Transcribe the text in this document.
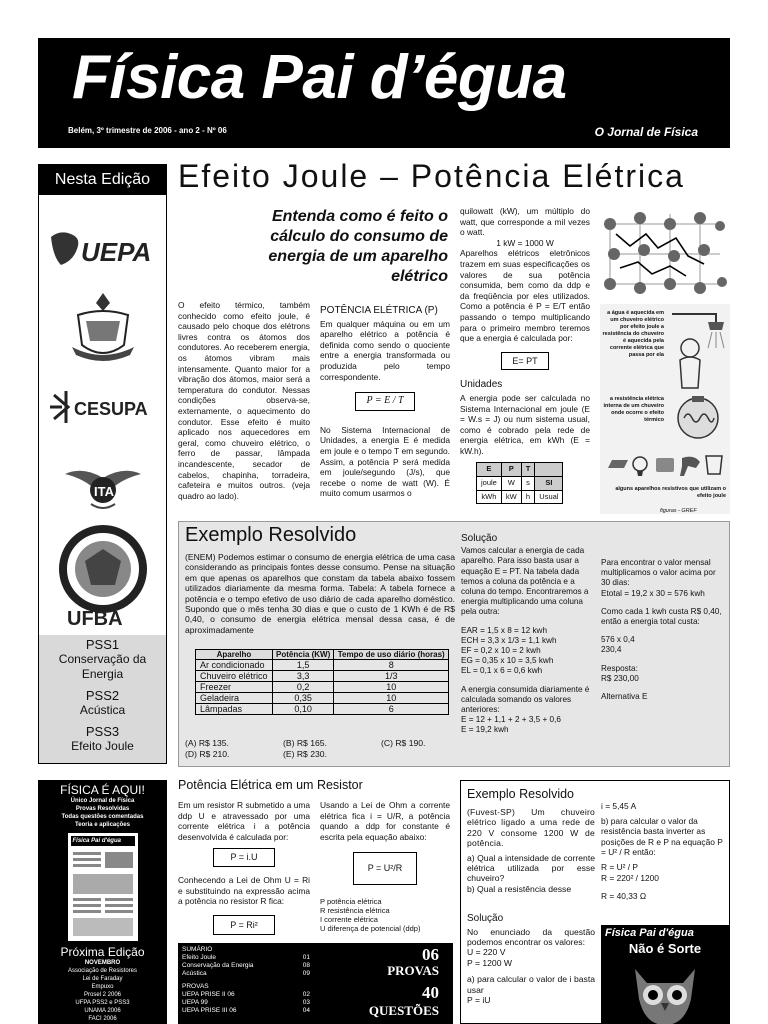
Física Pai d’égua
Belém, 3º trimestre de 2006 - ano 2 - Nº 06	O Jornal de Física
Nesta Edição
UEPA
CESUPA
ITA
UFBA
PSS1
Conservação da Energia
PSS2
Acústica
PSS3
Efeito Joule
FÍSICA É AQUI!
Único Jornal de Física
Provas Resolvidas
Todas questões comentadas
Teoria e aplicações
Física Pai d'égua
Próxima Edição
NOVEMBRO
Associação de Resistores
Lei de Faraday
Empuxo
Prosel 2 2006
UFPA PSS2 e PSS3
UNAMA 2006
FACI 2006
Efeito Joule – Potência Elétrica
Entenda como é feito o cálculo do consumo de energia de um aparelho elétrico

O efeito térmico, também conhecido como efeito joule, é causado pelo choque dos elétrons livres contra os átomos dos condutores. Ao receberem energia, os átomos vibram mais intensamente. Quanto maior for a vibração dos átomos, maior será a temperatura do condutor. Nessas condições observa-se, externamente, o aquecimento do condutor. Esse efeito é muito aplicado nos aquecedores em geral, como chuveiro elétrico, o ferro de passar, lâmpada incandescente, secador de cabelos, chapinha, torradeira, cafeteira e muitos outros. (veja quadro ao lado).

POTÊNCIA ELÉTRICA (P)

Em qualquer máquina ou em um aparelho elétrico a potência é definida como sendo o quociente entre a energia transformada ou produzida pelo tempo correspondente.

P = E / T

No Sistema Internacional de Unidades, a energia E é medida em joule e o tempo T em segundo. Assim, a potência P será medida em joule/segundo (J/s), que recebe o nome de watt (W). É muito comum usarmos o

quilowatt (kW), um múltiplo do watt, que corresponde a mil vezes o watt.

1 kW = 1000 W

Aparelhos elétricos eletrônicos trazem em suas especificações os valores de sua potência consumida, bem como da ddp e da freqüência por eles utilizados. Como a potência é P = E/T então passando o tempo multiplicando para o primeiro membro teremos que a energia é calculada por:

E= PT
Unidades

A energia pode ser calculada no Sistema Internacional em joule (E = W.s = J) ou num sistema usual, como é cobrado pela rede de energia elétrica, em kWh (E = kW.h).

E	P	T	
joule	W	s	SI
kWh	kW	h	Usual
a água é aquecida em um chuveiro elétrico por efeito joule a resistência do chuveiro é aquecida pela corrente elétrica que passa por ela
a resistência elétrica interna de um chuveiro onde ocorre o efeito térmico
alguns aparelhos resistivos que utilizam o efeito joule
figuras - GREF
Exemplo Resolvido
(ENEM) Podemos estimar o consumo de energia elétrica de uma casa considerando as principais fontes desse consumo. Pense na situação em que apenas os aparelhos que constam da tabela abaixo fossem utilizados diariamente da mesma forma. Tabela: A tabela fornece a potência e o tempo efetivo de uso diário de cada aparelho doméstico. Supondo que o mês tenha 30 dias e que o custo de 1 KWh é de R$ 0,40, o consumo de energia elétrica mensal dessa casa, é de aproximadamente
Aparelho	Potência (KW)	Tempo de uso diário (horas)
Ar condicionado	1,5	8
Chuveiro elétrico	3,3	1/3
Freezer	0,2	10
Geladeira	0,35	10
Lâmpadas	0,10	6
(A) R$ 135.	(B) R$ 165.	(C) R$ 190.
(D) R$ 210.	(E) R$ 230.
Solução

Vamos calcular a energia de cada aparelho. Para isso basta usar a equação E = PT. Na tabela dada temos a coluna da potência e a coluna do tempo. Encontraremos a energia multiplicando uma coluna pela outra:

EAR = 1,5 x 8 = 12 kwh
ECH = 3,3 x 1/3 = 1,1 kwh
EF = 0,2 x 10 = 2 kwh
EG = 0,35 x 10 = 3,5 kwh
EL = 0,1 x 6 = 0,6 kwh

A energia consumida diariamente é calculada somando os valores anteriores:

E = 12 + 1,1 + 2 + 3,5 + 0,6
E = 19,2 kwh

Para encontrar o valor mensal multiplicamos o valor acima por 30 dias:

Etotal = 19,2 x 30 = 576 kwh

Como cada 1 kwh custa R$ 0,40, então a energia total custa:

576 x 0,4

230,4

Resposta:

R$ 230,00

Alternativa E

Potência Elétrica em um Resistor

Em um resistor R submetido a uma ddp U e atravessado por uma corrente elétrica i a potência desenvolvida é calculada por:

P = i.U

Conhecendo a Lei de Ohm U = Ri e substituindo na expressão acima a potência no resistor R fica:

P = Ri²

Usando a Lei de Ohm a corrente elétrica fica i = U/R, a potência quando a ddp for constante é escrita pela equação abaixo:

P = U²/R
P potência elétrica
R resistência elétrica
I corrente elétrica
U diferença de potencial (ddp)
SUMÁRIO
Efeito Joule	01
Conservação da Energia	08
Acústica	09
PROVAS
UEPA PRISE II 06	02
UEPA 99	03
UEPA PRISE III 06	04
06
PROVAS
40
QUESTÕES
Exemplo Resolvido

(Fuvest-SP) Um chuveiro elétrico ligado a uma rede de 220 V consome 1200 W de potência.

a) Qual a intensidade de corrente elétrica utilizada por esse chuveiro?

b) Qual a resistência desse

Solução

No enunciado da questão podemos encontrar os valores:

U = 220 V
P = 1200 W

a) para calcular o valor de i basta usar

P = iU

i = 5,45 A

b) para calcular o valor da resistência basta inverter as posições de R e P na equação P = U² / R então:

R = U² / P

R = 220² / 1200

R = 40,33 Ω

Física Pai d'égua
Não é Sorte
